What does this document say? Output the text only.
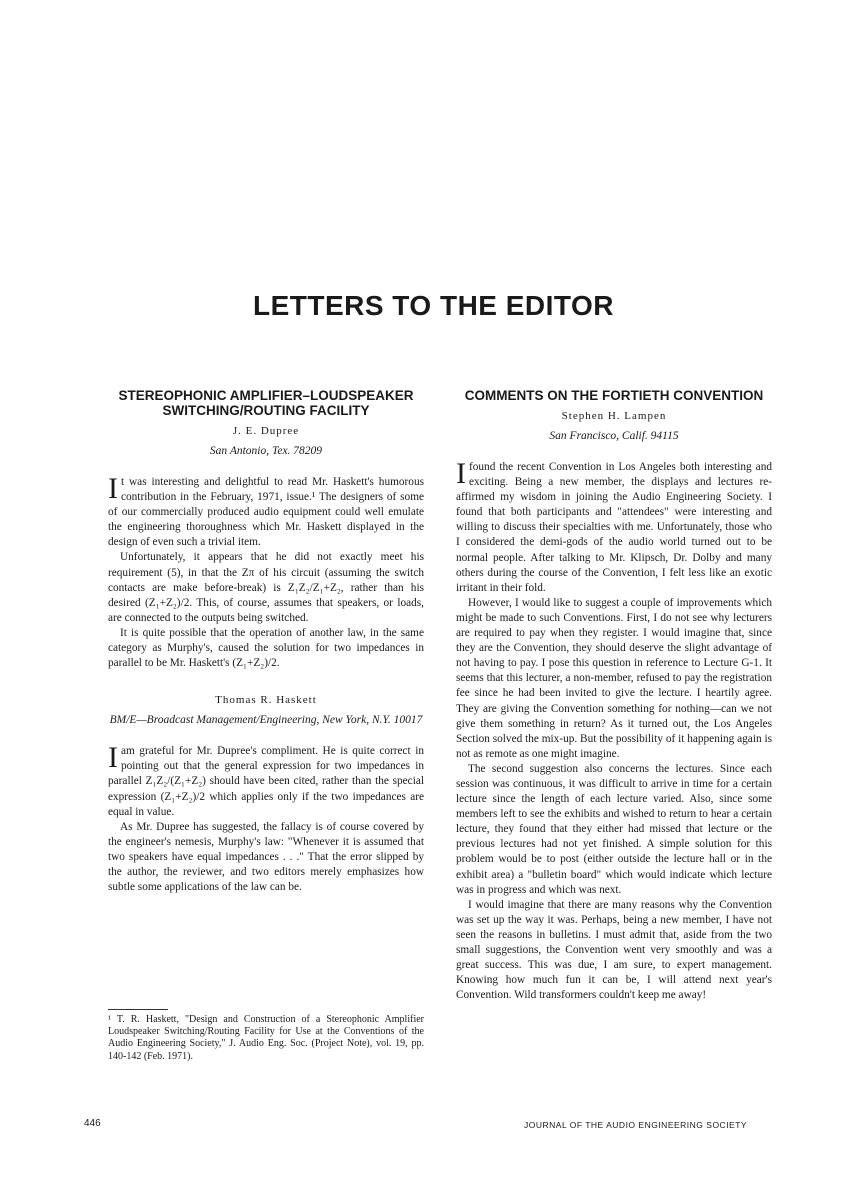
LETTERS TO THE EDITOR
STEREOPHONIC AMPLIFIER–LOUDSPEAKER SWITCHING/ROUTING FACILITY

J. E. Dupree

San Antonio, Tex. 78209

It was interesting and delightful to read Mr. Haskett's humorous contribution in the February, 1971, issue.¹ The designers of some of our commercially produced audio equipment could well emulate the engineering thoroughness which Mr. Haskett displayed in the design of even such a trivial item.

Unfortunately, it appears that he did not exactly meet his requirement (5), in that the Zπ of his circuit (assuming the switch contacts are make before-break) is Z₁Z₂/Z₁+Z₂, rather than his desired (Z₁+Z₂)/2. This, of course, assumes that speakers, or loads, are connected to the outputs being switched.

It is quite possible that the operation of another law, in the same category as Murphy's, caused the solution for two impedances in parallel to be Mr. Haskett's (Z₁+Z₂)/2.

Thomas R. Haskett

BM/E—Broadcast Management/Engineering, New York, N.Y. 10017

Iam grateful for Mr. Dupree's compliment. He is quite correct in pointing out that the general expression for two impedances in parallel Z₁Z₂/(Z₁+Z₂) should have been cited, rather than the special expression (Z₁+Z₂)/2 which applies only if the two impedances are equal in value.

As Mr. Dupree has suggested, the fallacy is of course covered by the engineer's nemesis, Murphy's law: "Whenever it is assumed that two speakers have equal impedances . . ." That the error slipped by the author, the reviewer, and two editors merely emphasizes how subtle some applications of the law can be.

¹ T. R. Haskett, "Design and Construction of a Stereophonic Amplifier Loudspeaker Switching/Routing Facility for Use at the Conventions of the Audio Engineering Society," J. Audio Eng. Soc. (Project Note), vol. 19, pp. 140-142 (Feb. 1971).

COMMENTS ON THE FORTIETH CONVENTION

Stephen H. Lampen

San Francisco, Calif. 94115

Ifound the recent Convention in Los Angeles both interesting and exciting. Being a new member, the displays and lectures re-affirmed my wisdom in joining the Audio Engineering Society. I found that both participants and "attendees" were interesting and willing to discuss their specialties with me. Unfortunately, those who I considered the demi-gods of the audio world turned out to be normal people. After talking to Mr. Klipsch, Dr. Dolby and many others during the course of the Convention, I felt less like an exotic irritant in their fold.

However, I would like to suggest a couple of improvements which might be made to such Conventions. First, I do not see why lecturers are required to pay when they register. I would imagine that, since they are the Convention, they should deserve the slight advantage of not having to pay. I pose this question in reference to Lecture G-1. It seems that this lecturer, a non-member, refused to pay the registration fee since he had been invited to give the lecture. I heartily agree. They are giving the Convention something for nothing—can we not give them something in return? As it turned out, the Los Angeles Section solved the mix-up. But the possibility of it happening again is not as remote as one might imagine.

The second suggestion also concerns the lectures. Since each session was continuous, it was difficult to arrive in time for a certain lecture since the length of each lecture varied. Also, since some members left to see the exhibits and wished to return to hear a certain lecture, they found that they either had missed that lecture or the previous lectures had not yet finished. A simple solution for this problem would be to post (either outside the lecture hall or in the exhibit area) a "bulletin board" which would indicate which lecture was in progress and which was next.

I would imagine that there are many reasons why the Convention was set up the way it was. Perhaps, being a new member, I have not seen the reasons in bulletins. I must admit that, aside from the two small suggestions, the Convention went very smoothly and was a great success. This was due, I am sure, to expert management. Knowing how much fun it can be, I will attend next year's Convention. Wild transformers couldn't keep me away!

446	JOURNAL OF THE AUDIO ENGINEERING SOCIETY
